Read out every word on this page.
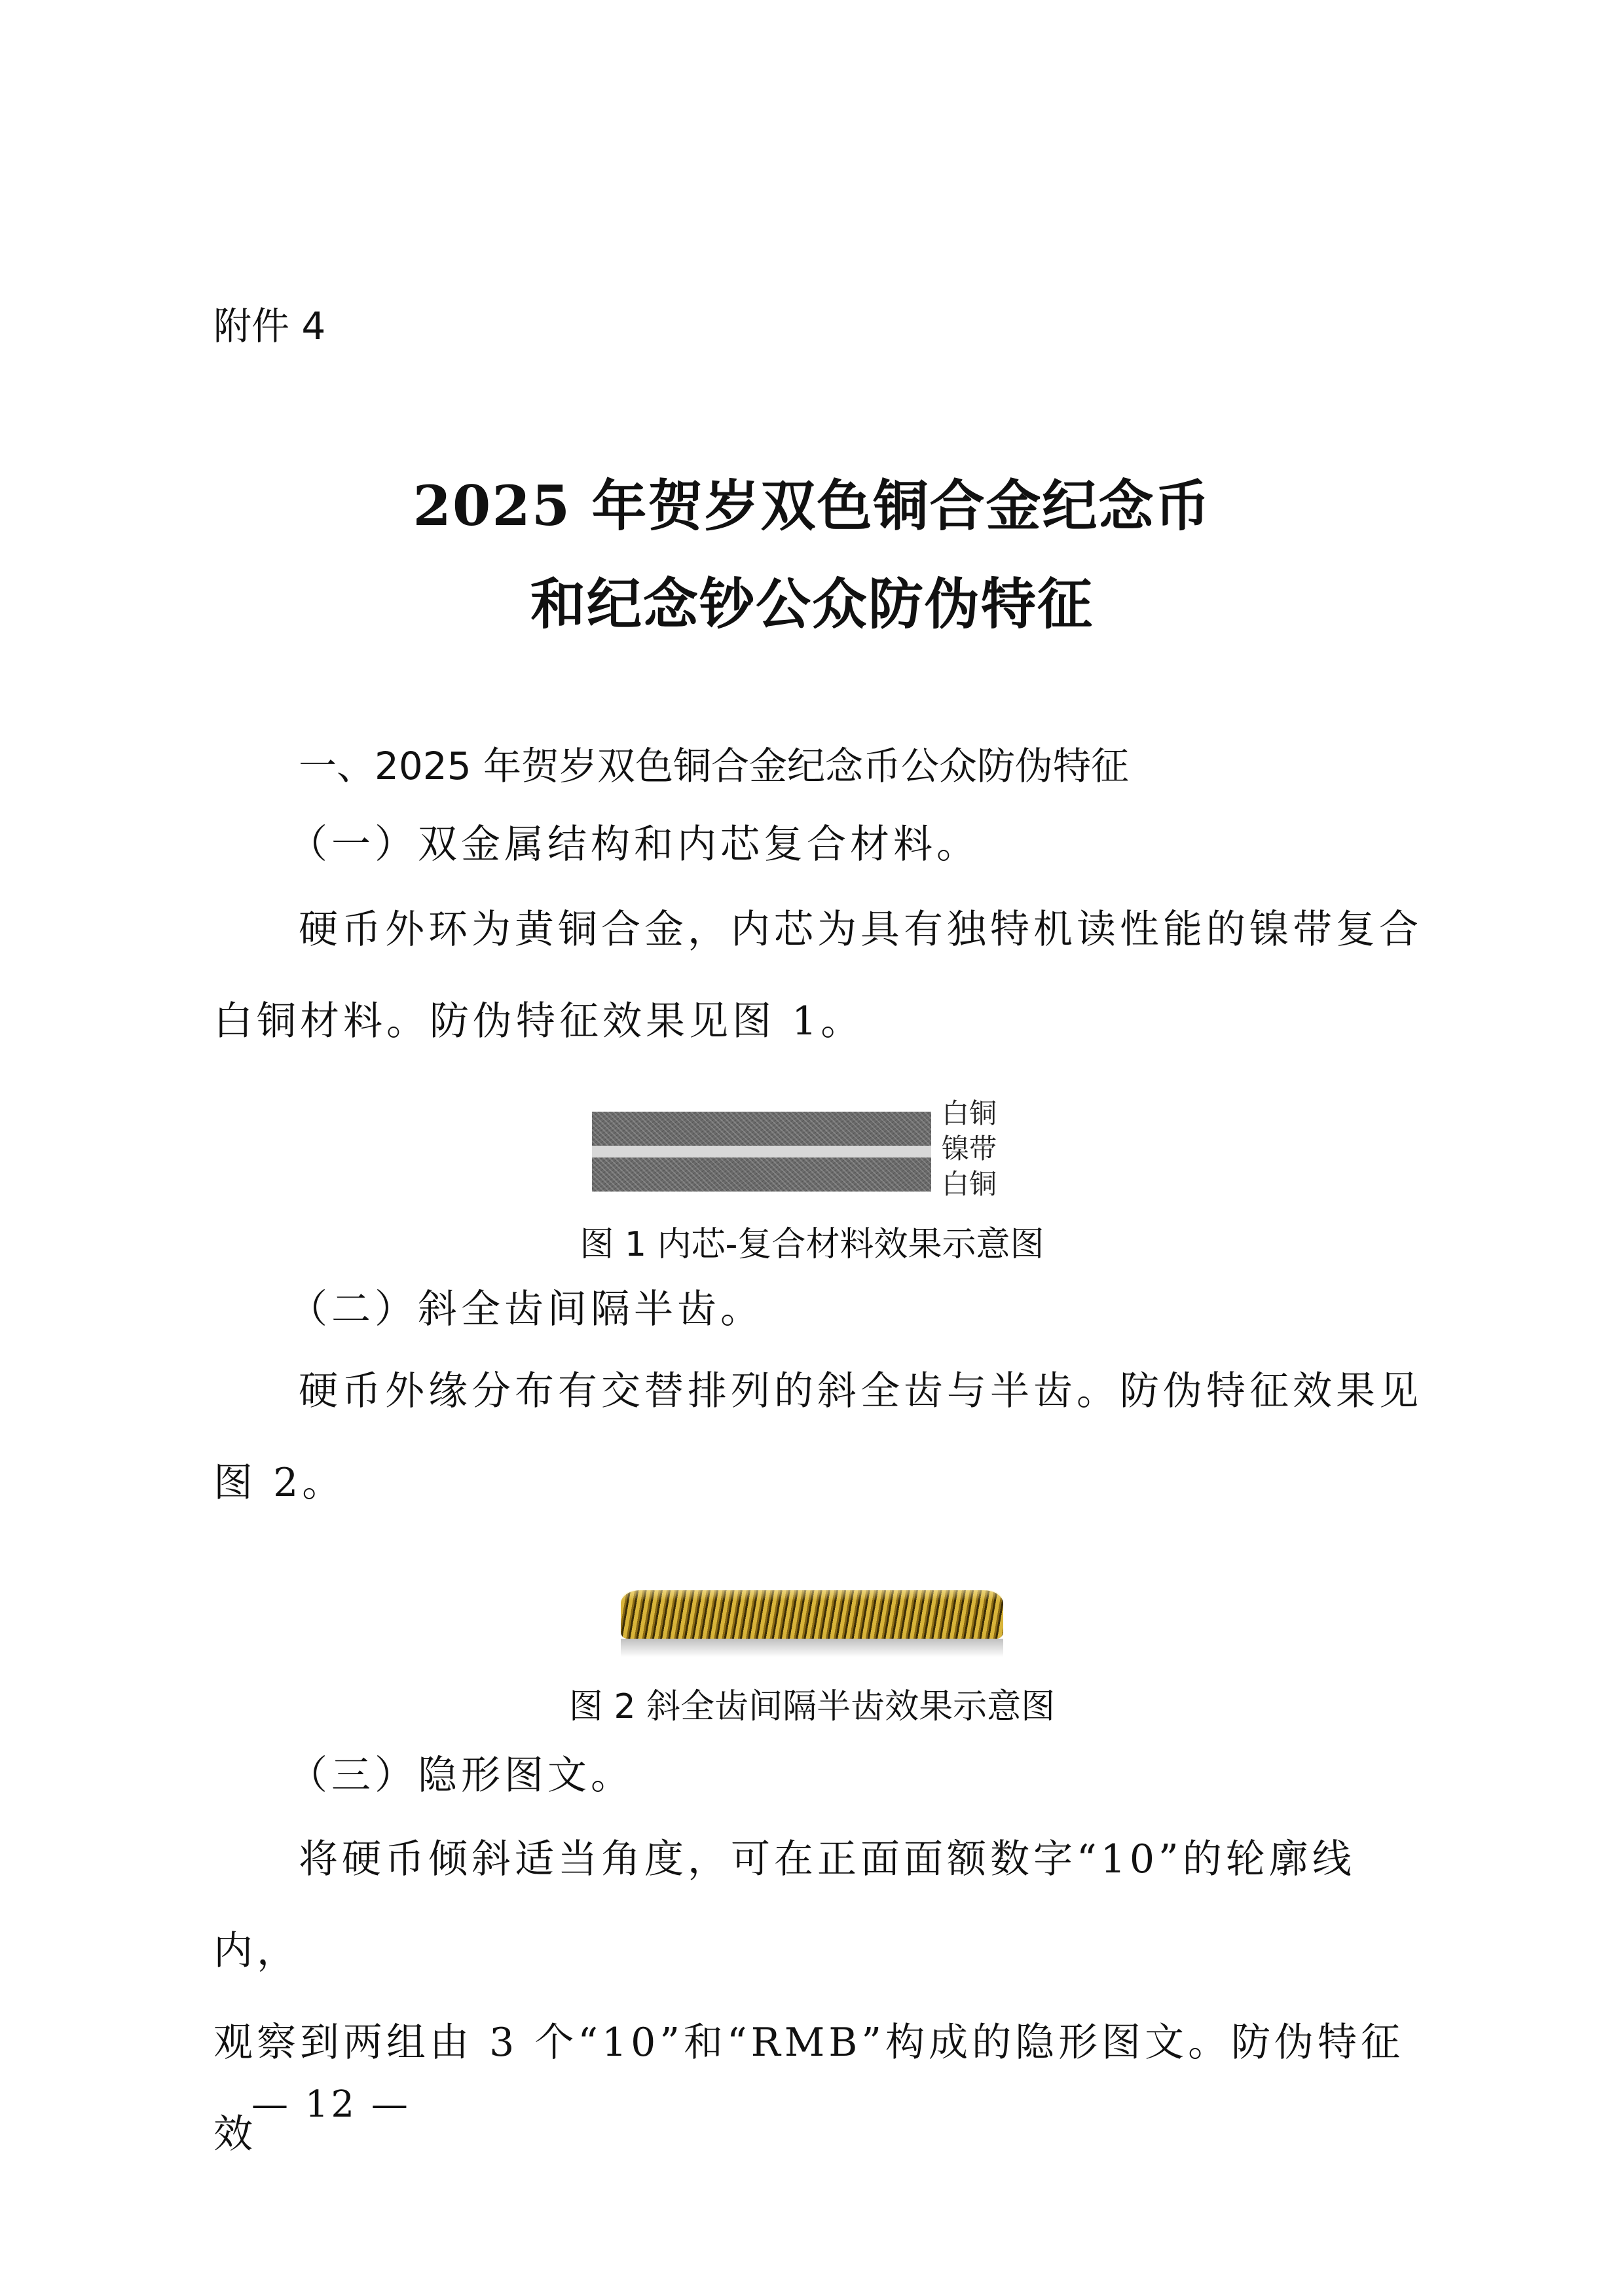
附件 4
2025 年贺岁双色铜合金纪念币
和纪念钞公众防伪特征
一、2025 年贺岁双色铜合金纪念币公众防伪特征
（一）双金属结构和内芯复合材料。
硬币外环为黄铜合金，内芯为具有独特机读性能的镍带复合
白铜材料。防伪特征效果见图 1。
白铜
镍带
白铜
图 1 内芯-复合材料效果示意图
（二）斜全齿间隔半齿。
硬币外缘分布有交替排列的斜全齿与半齿。防伪特征效果见
图 2。
图 2 斜全齿间隔半齿效果示意图
（三）隐形图文。
将硬币倾斜适当角度，可在正面面额数字“10”的轮廓线内，
观察到两组由 3 个“10”和“RMB”构成的隐形图文。防伪特征效
— 12 —
